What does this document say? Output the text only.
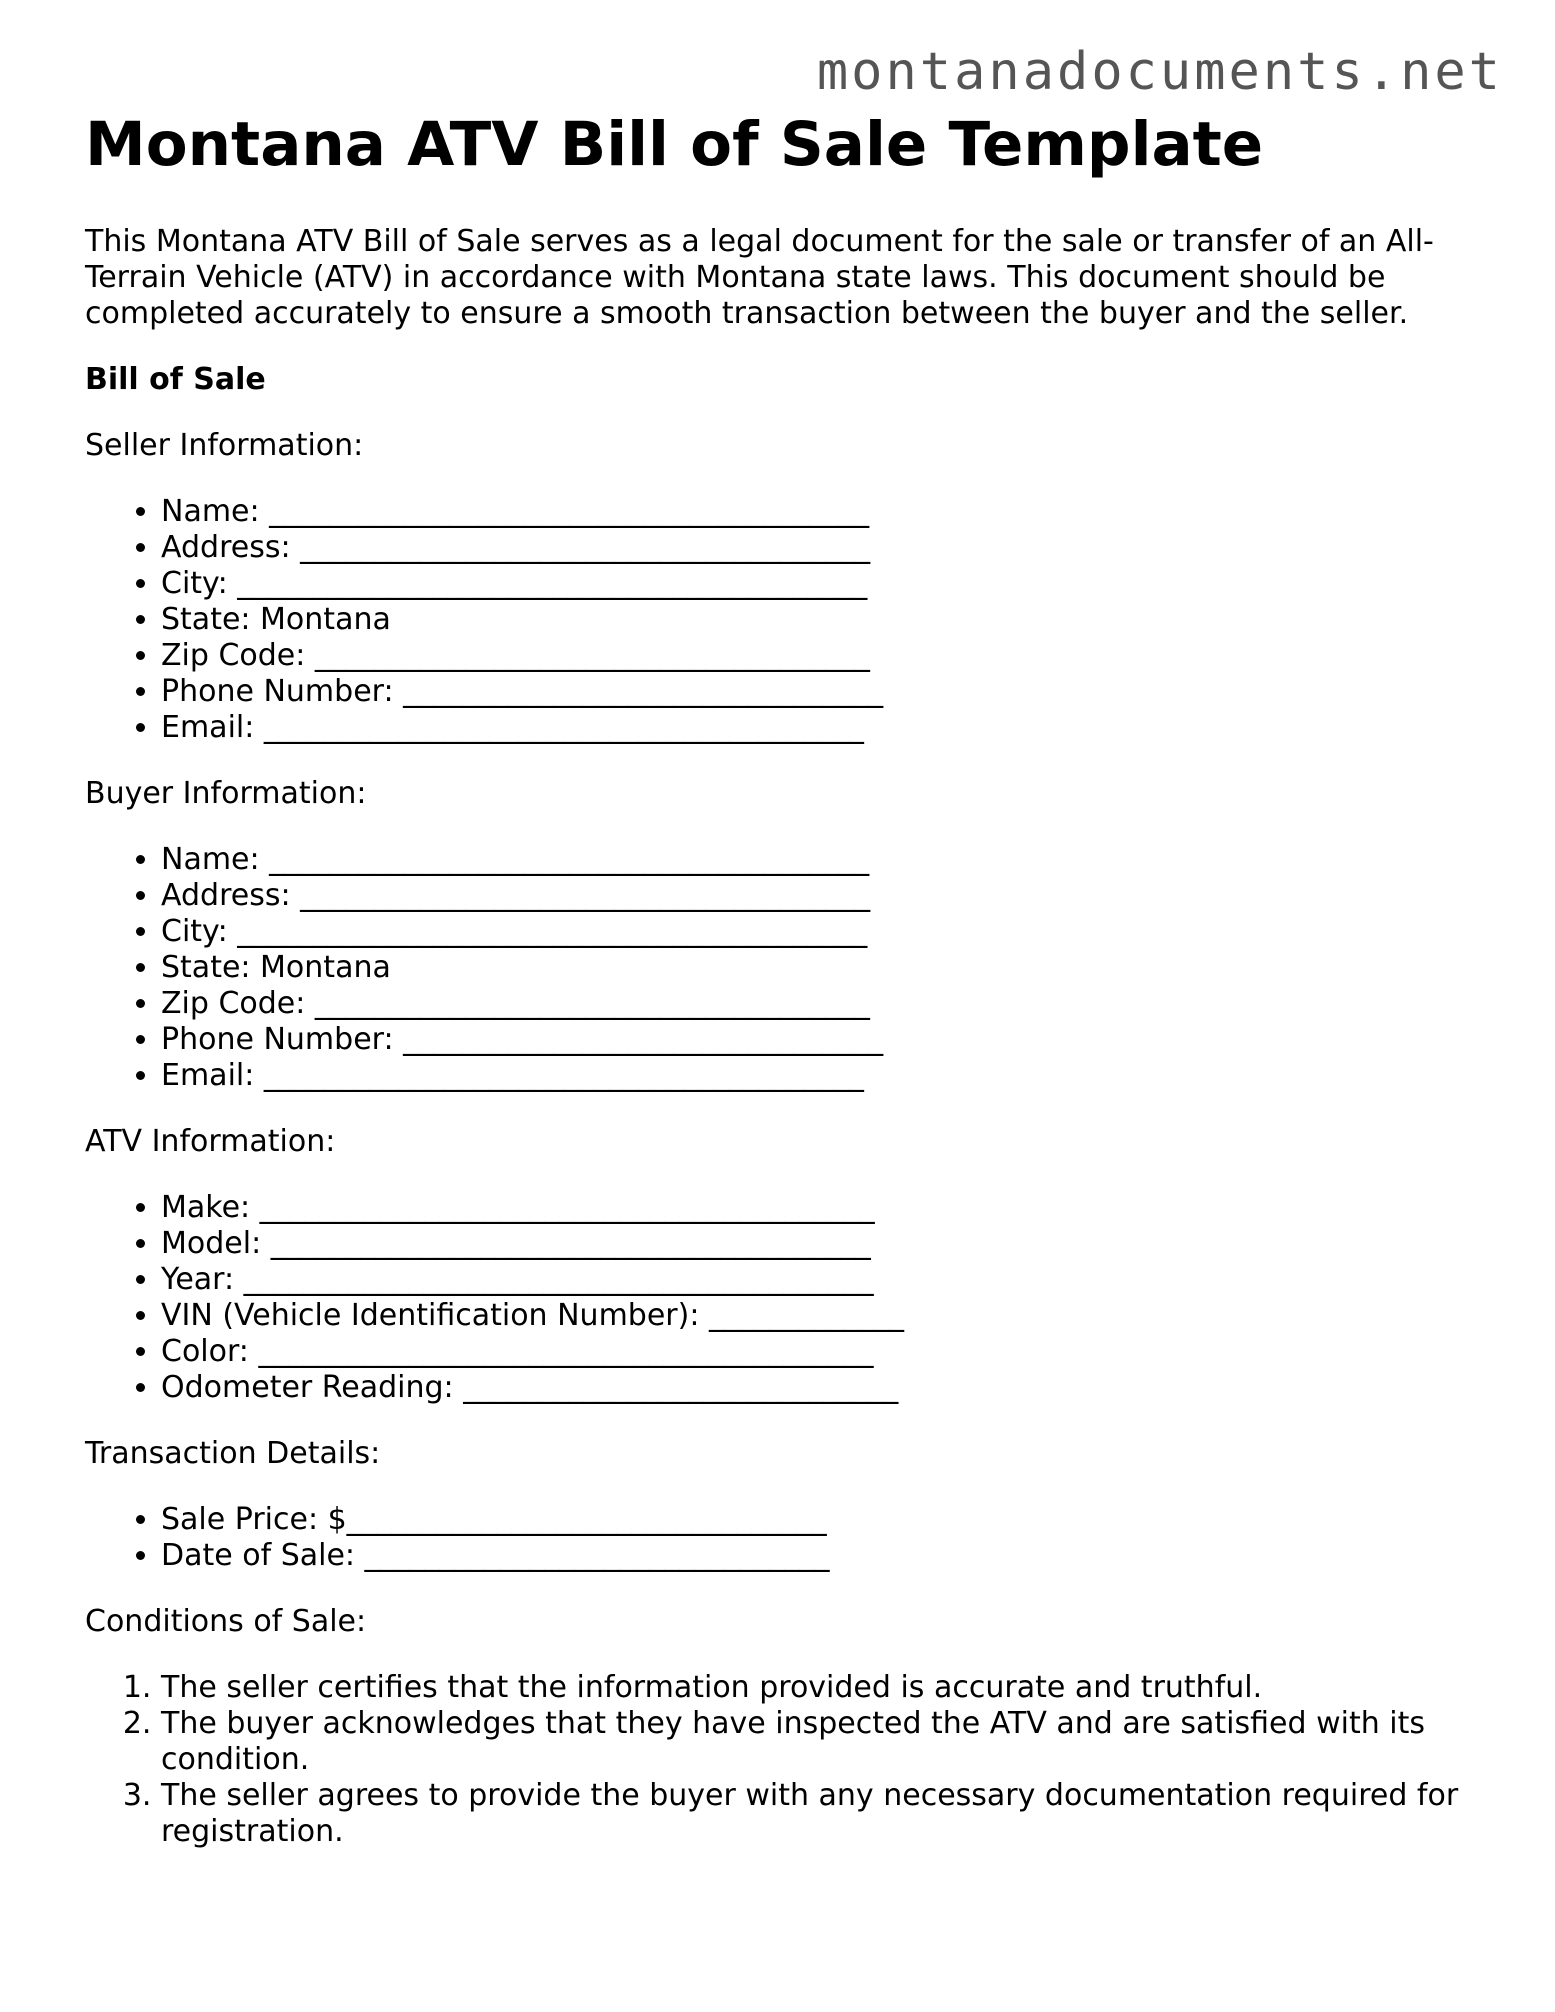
montanadocuments.net
Montana ATV Bill of Sale Template

This Montana ATV Bill of Sale serves as a legal document for the sale or transfer of an All-Terrain Vehicle (ATV) in accordance with Montana state laws. This document should be completed accurately to ensure a smooth transaction between the buyer and the seller.

Bill of Sale
Seller Information:
• Name: ________________________________________
• Address: ______________________________________
• City: __________________________________________
• State: Montana
• Zip Code: _____________________________________
• Phone Number: ________________________________
• Email: ________________________________________
Buyer Information:
• Name: ________________________________________
• Address: ______________________________________
• City: __________________________________________
• State: Montana
• Zip Code: _____________________________________
• Phone Number: ________________________________
• Email: ________________________________________
ATV Information:
• Make: _________________________________________
• Model: ________________________________________
• Year: __________________________________________
• VIN (Vehicle Identification Number): _____________
• Color: _________________________________________
• Odometer Reading: _____________________________
Transaction Details:
• Sale Price: $________________________________
• Date of Sale: _______________________________
Conditions of Sale:
1. The seller certifies that the information provided is accurate and truthful.
2. The buyer acknowledges that they have inspected the ATV and are satisfied with its condition.
3. The seller agrees to provide the buyer with any necessary documentation required for registration.
